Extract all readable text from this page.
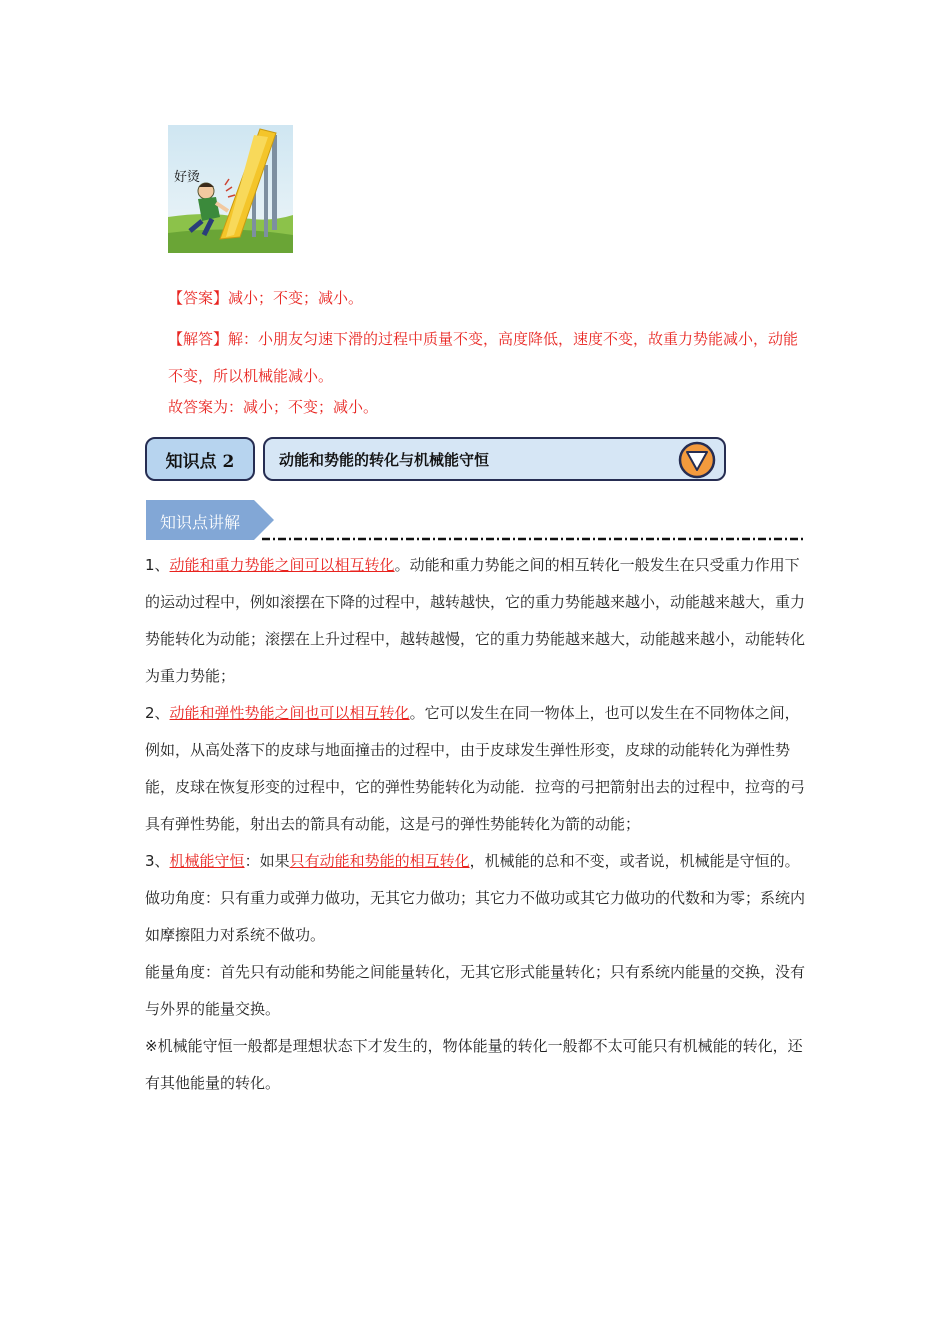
好烫
【答案】减小；不变；减小。
【解答】解：小朋友匀速下滑的过程中质量不变，高度降低，速度不变，故重力势能减小，动能不变，所以机械能减小。
故答案为：减小；不变；减小。
知识点 2	动能和势能的转化与机械能守恒
知识点讲解

1、动能和重力势能之间可以相互转化。动能和重力势能之间的相互转化一般发生在只受重力作用下的运动过程中，例如滚摆在下降的过程中，越转越快，它的重力势能越来越小，动能越来越大，重力势能转化为动能；滚摆在上升过程中，越转越慢，它的重力势能越来越大，动能越来越小，动能转化为重力势能；

2、动能和弹性势能之间也可以相互转化。它可以发生在同一物体上，也可以发生在不同物体之间，例如，从高处落下的皮球与地面撞击的过程中，由于皮球发生弹性形变，皮球的动能转化为弹性势能，皮球在恢复形变的过程中，它的弹性势能转化为动能．拉弯的弓把箭射出去的过程中，拉弯的弓具有弹性势能，射出去的箭具有动能，这是弓的弹性势能转化为箭的动能；

3、机械能守恒：如果只有动能和势能的相互转化，机械能的总和不变，或者说，机械能是守恒的。

做功角度：只有重力或弹力做功，无其它力做功；其它力不做功或其它力做功的代数和为零；系统内如摩擦阻力对系统不做功。

能量角度：首先只有动能和势能之间能量转化，无其它形式能量转化；只有系统内能量的交换，没有与外界的能量交换。

※机械能守恒一般都是理想状态下才发生的，物体能量的转化一般都不太可能只有机械能的转化，还有其他能量的转化。
